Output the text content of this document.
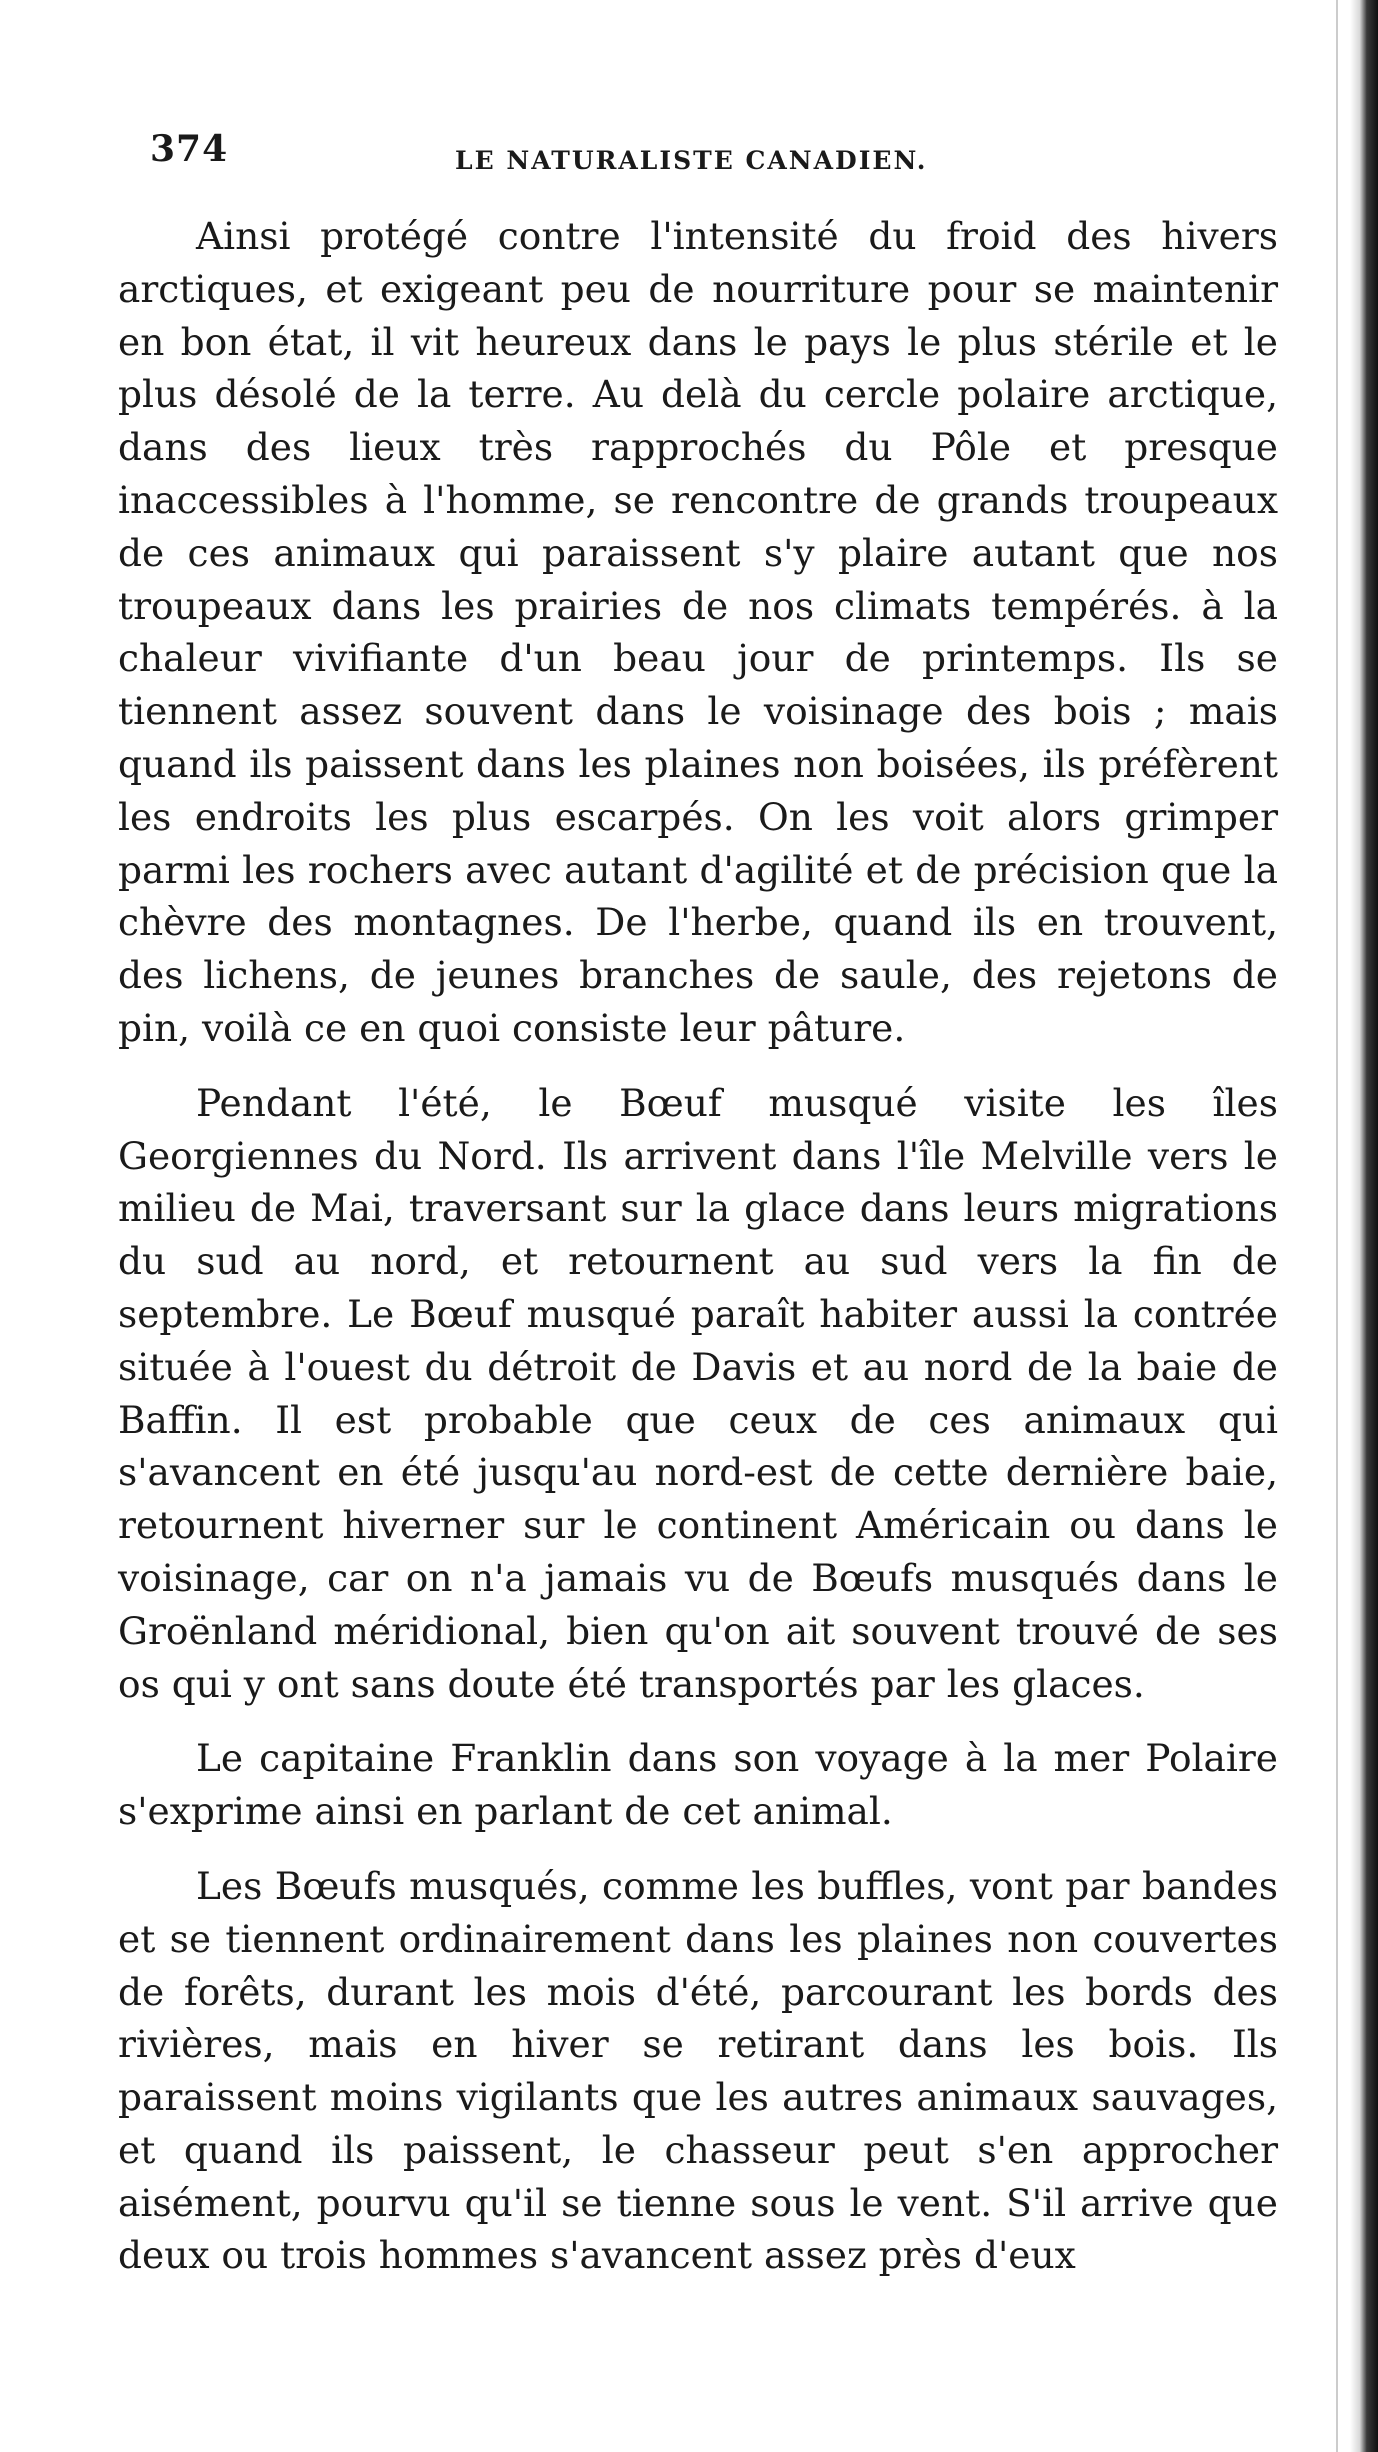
374	LE NATURALISTE CANADIEN.

Ainsi protégé contre l'intensité du froid des hivers arctiques, et exigeant peu de nourriture pour se maintenir en bon état, il vit heureux dans le pays le plus stérile et le plus désolé de la terre. Au delà du cercle polaire arctique, dans des lieux très rapprochés du Pôle et presque inaccessibles à l'homme, se rencontre de grands troupeaux de ces animaux qui paraissent s'y plaire autant que nos troupeaux dans les prairies de nos climats tempérés. à la chaleur vivifiante d'un beau jour de printemps. Ils se tiennent assez souvent dans le voisinage des bois ; mais quand ils paissent dans les plaines non boisées, ils préfèrent les endroits les plus escarpés. On les voit alors grimper parmi les rochers avec autant d'agilité et de précision que la chèvre des montagnes. De l'herbe, quand ils en trouvent, des lichens, de jeunes branches de saule, des rejetons de pin, voilà ce en quoi consiste leur pâture.

Pendant l'été, le Bœuf musqué visite les îles Georgiennes du Nord. Ils arrivent dans l'île Melville vers le milieu de Mai, traversant sur la glace dans leurs migrations du sud au nord, et retournent au sud vers la fin de septembre. Le Bœuf musqué paraît habiter aussi la contrée située à l'ouest du détroit de Davis et au nord de la baie de Baffin. Il est probable que ceux de ces animaux qui s'avancent en été jusqu'au nord-est de cette dernière baie, retournent hiverner sur le continent Américain ou dans le voisinage, car on n'a jamais vu de Bœufs musqués dans le Groënland méridional, bien qu'on ait souvent trouvé de ses os qui y ont sans doute été transportés par les glaces.

Le capitaine Franklin dans son voyage à la mer Polaire s'exprime ainsi en parlant de cet animal.

Les Bœufs musqués, comme les buffles, vont par bandes et se tiennent ordinairement dans les plaines non couvertes de forêts, durant les mois d'été, parcourant les bords des rivières, mais en hiver se retirant dans les bois. Ils paraissent moins vigilants que les autres animaux sauvages, et quand ils paissent, le chasseur peut s'en approcher aisément, pourvu qu'il se tienne sous le vent. S'il arrive que deux ou trois hommes s'avancent assez près d'eux
